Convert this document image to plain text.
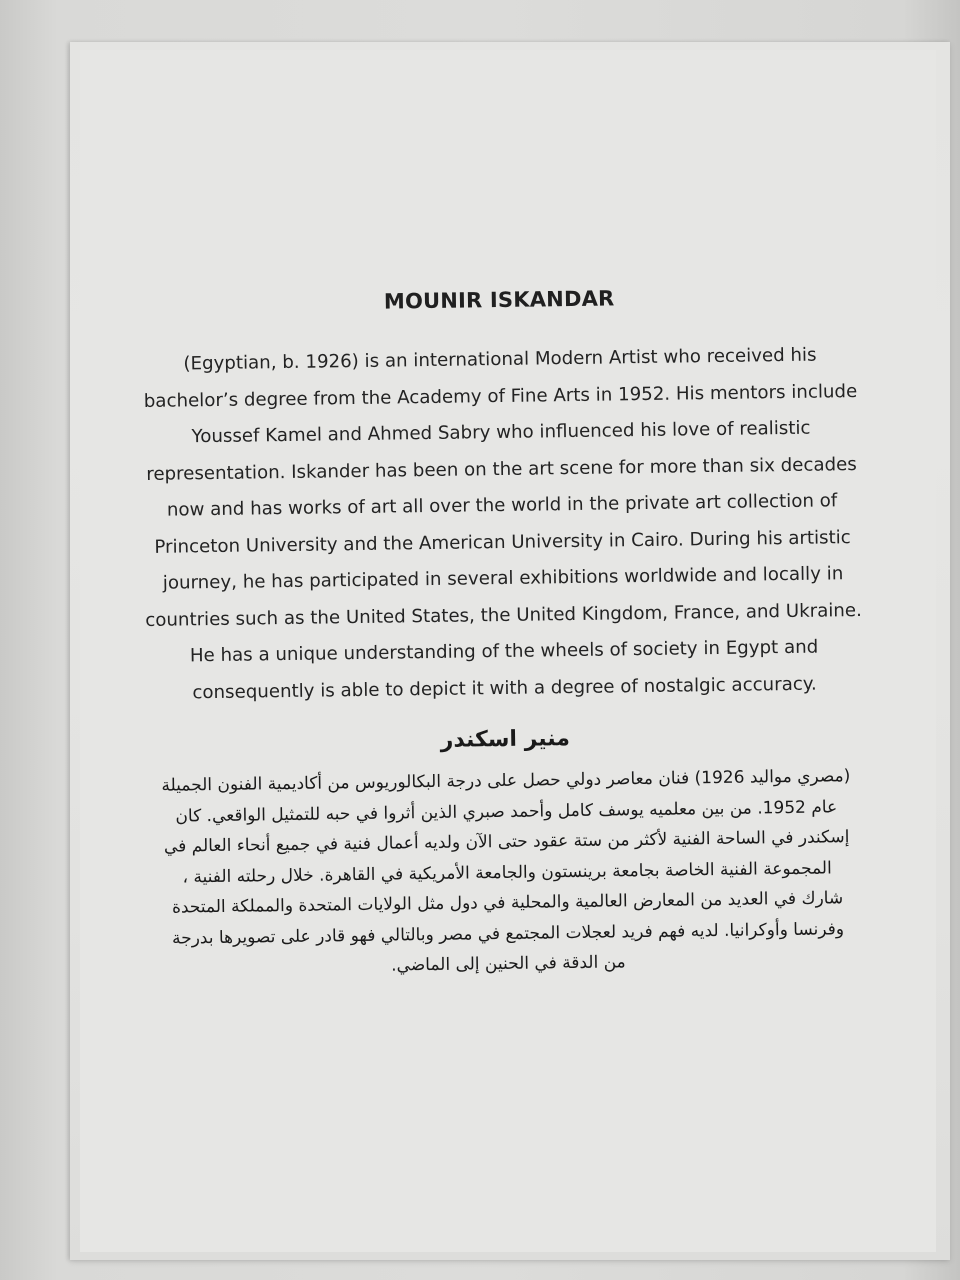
MOUNIR ISKANDAR

(Egyptian, b. 1926) is an international Modern Artist who received his
bachelor’s degree from the Academy of Fine Arts in 1952. His mentors include
Youssef Kamel and Ahmed Sabry who influenced his love of realistic
representation. Iskander has been on the art scene for more than six decades
now and has works of art all over the world in the private art collection of
Princeton University and the American University in Cairo. During his artistic
journey, he has participated in several exhibitions worldwide and locally in
countries such as the United States, the United Kingdom, France, and Ukraine.
He has a unique understanding of the wheels of society in Egypt and
consequently is able to depict it with a degree of nostalgic accuracy.

منير اسكندر

(مصري مواليد 1926) فنان معاصر دولي حصل على درجة البكالوريوس من أكاديمية الفنون الجميلة
عام 1952. من بين معلميه يوسف كامل وأحمد صبري الذين أثروا في حبه للتمثيل الواقعي. كان
إسكندر في الساحة الفنية لأكثر من ستة عقود حتى الآن ولديه أعمال فنية في جميع أنحاء العالم في
المجموعة الفنية الخاصة بجامعة برينستون والجامعة الأمريكية في القاهرة. خلال رحلته الفنية ،
شارك في العديد من المعارض العالمية والمحلية في دول مثل الولايات المتحدة والمملكة المتحدة
وفرنسا وأوكرانيا. لديه فهم فريد لعجلات المجتمع في مصر وبالتالي فهو قادر على تصويرها بدرجة
من الدقة في الحنين إلى الماضي.
